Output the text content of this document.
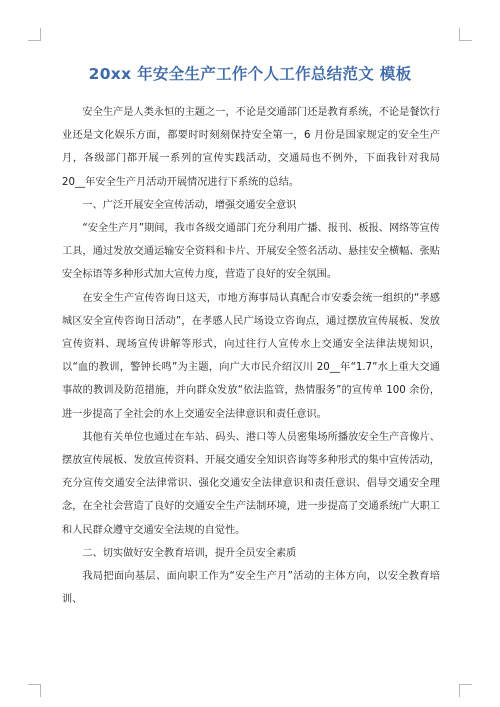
20xx 年安全生产工作个人工作总结范文 模板

安全生产是人类永恒的主题之一，不论是交通部门还是教育系统，不论是餐饮行业还是文化娱乐方面，都要时时刻刻保持安全第一，6 月份是国家规定的安全生产月，各级部门都开展一系列的宣传实践活动，交通局也不例外，下面我针对我局 20__年安全生产月活动开展情况进行下系统的总结。

一、广泛开展安全宣传活动，增强交通安全意识

“安全生产月”期间，我市各级交通部门充分利用广播、报刊、板报、网络等宣传工具，通过发放交通运输安全资料和卡片、开展安全签名活动、悬挂安全横幅、张贴安全标语等多种形式加大宣传力度，营造了良好的安全氛围。

在安全生产宣传咨询日这天，市地方海事局认真配合市安委会统一组织的“孝感城区安全宣传咨询日活动”，在孝感人民广场设立咨询点，通过摆放宣传展板、发放宣传资料、现场宣传讲解等形式，向过往行人宣传水上交通安全法律法规知识，以“血的教训，警钟长鸣”为主题，向广大市民介绍汉川 20__年“1.7”水上重大交通事故的教训及防范措施，并向群众发放“依法监管，热情服务”的宣传单 100 余份，进一步提高了全社会的水上交通安全法律意识和责任意识。

其他有关单位也通过在车站、码头、港口等人员密集场所播放安全生产音像片、摆放宣传展板、发放宣传资料、开展交通安全知识咨询等多种形式的集中宣传活动，充分宣传交通安全法律常识、强化交通安全法律意识和责任意识、倡导交通安全理念，在全社会营造了良好的交通安全生产法制环境，进一步提高了交通系统广大职工和人民群众遵守交通安全法规的自觉性。

二、切实做好安全教育培训，提升全员安全素质

我局把面向基层、面向职工作为“安全生产月”活动的主体方向，以安全教育培训、
